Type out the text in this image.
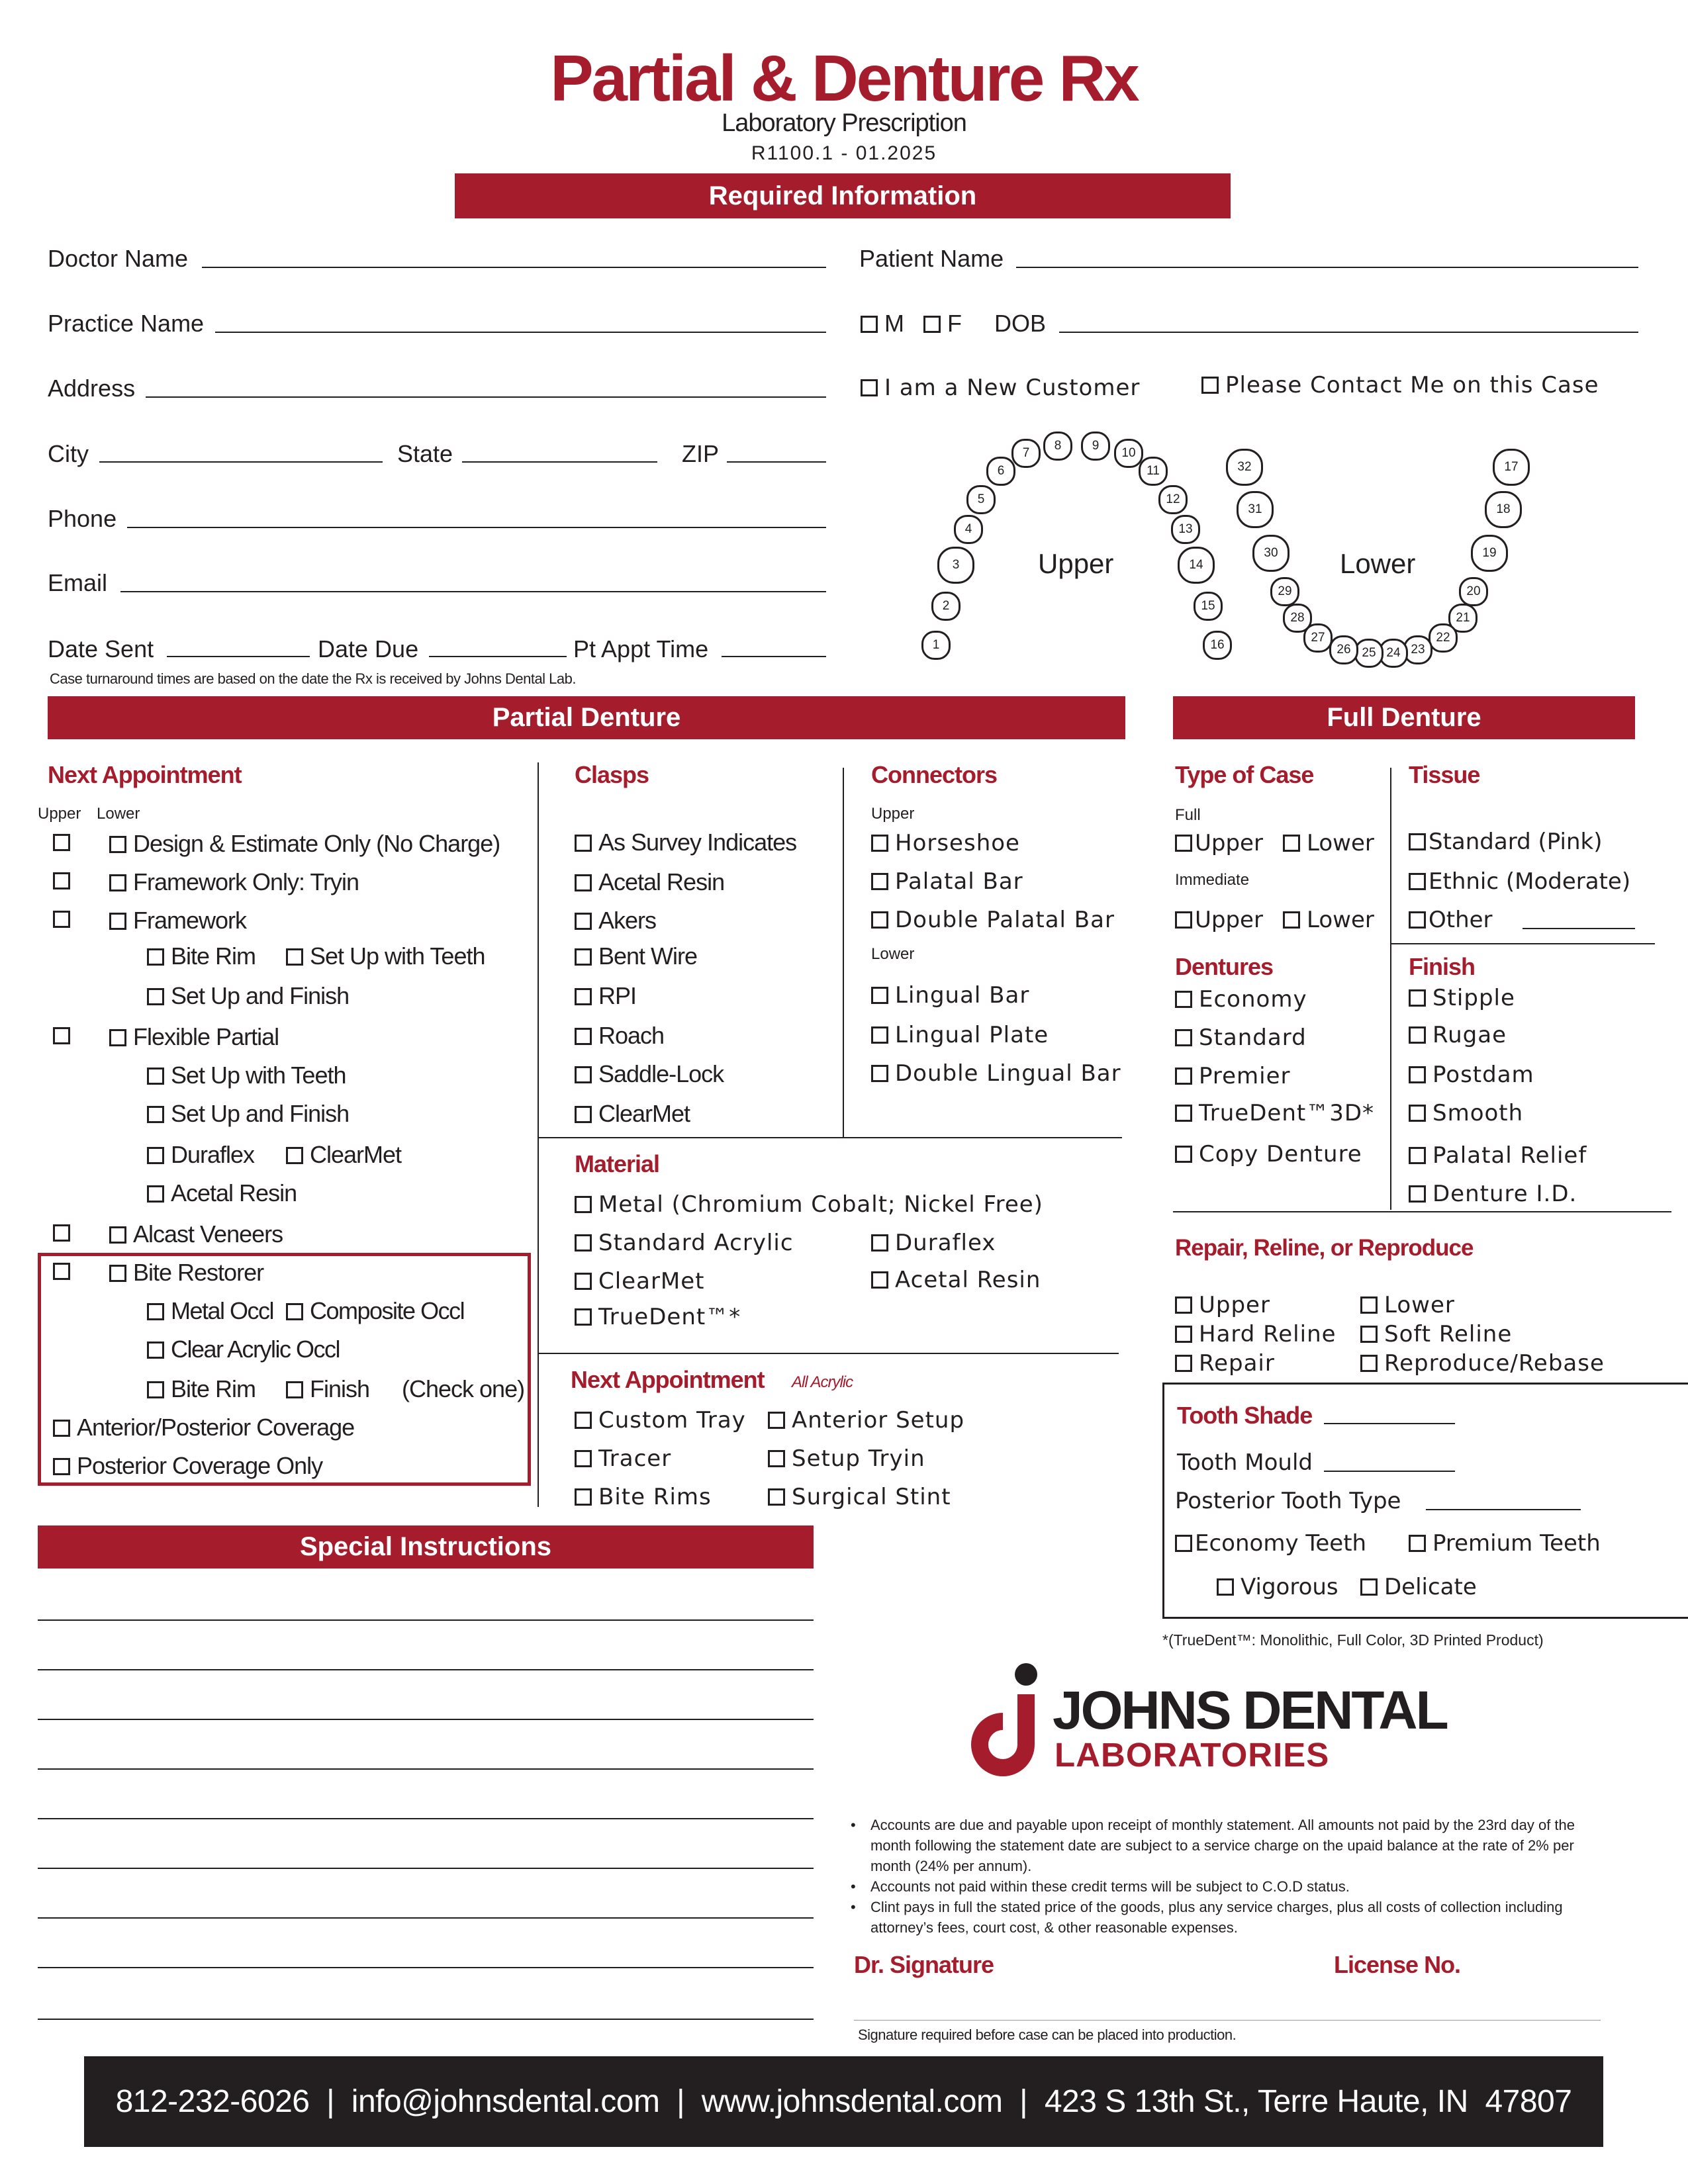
Partial & Denture Rx
Laboratory Prescription
R1100.1 - 01.2025
Required Information
Doctor Name
Practice Name
Address
City	State	ZIP
Phone
Email
Date Sent	Date Due	Pt Appt Time
Case turnaround times are based on the date the Rx is received by Johns Dental Lab.
Patient Name
M	F DOB
I am a New Customer	Please Contact Me on this Case
Upper	Lower
1
2
3
4
5
6
7
8	9
10
11
12
13
14
15
16
17
18
19
20
21
22
23
24
25
26
27
28
29
30
31
32
Partial Denture	Full Denture
Next Appointment
Upper Lower
Design & Estimate Only (No Charge)
Framework Only: Tryin
Framework
Bite Rim	Set Up with Teeth
Set Up and Finish
Flexible Partial
Set Up with Teeth
Set Up and Finish
Duraflex	ClearMet
Acetal Resin
Alcast Veneers
Bite Restorer
Metal Occl	Composite Occl
Clear Acrylic Occl
Bite Rim	Finish (Check one)
Anterior/Posterior Coverage
Posterior Coverage Only
Clasps
As Survey Indicates
Acetal Resin
Akers
Bent Wire
RPI
Roach
Saddle-Lock
ClearMet
Connectors
Upper
Horseshoe
Palatal Bar
Double Palatal Bar
Lower
Lingual Bar
Lingual Plate
Double Lingual Bar
Material
Metal (Chromium Cobalt; Nickel Free)
Standard Acrylic	Duraflex
ClearMet	Acetal Resin
TrueDent™*
Next Appointment All Acrylic
Custom Tray
Tracer
Bite Rims
Anterior Setup
Setup Tryin
Surgical Stint
Special Instructions
Type of Case
Full
Upper	Lower
Immediate
Upper	Lower
Tissue
Standard (Pink)
Ethnic (Moderate)
Other
Dentures
Economy
Standard
Premier
TrueDent™3D*
Copy Denture
Finish
Stipple
Rugae
Postdam
Smooth
Palatal Relief
Denture I.D.
Repair, Reline, or Reproduce
Upper
Hard Reline
Repair
Lower
Soft Reline
Reproduce/Rebase
Tooth Shade
Tooth Mould
Posterior Tooth Type
Economy Teeth	Premium Teeth
Vigorous	Delicate
*(TrueDent™: Monolithic, Full Color, 3D Printed Product)
JOHNS DENTAL
LABORATORIES
• Accounts are due and payable upon receipt of monthly statement. All amounts not paid by the 23rd day of the month following the statement date are subject to a service charge on the upaid balance at the rate of 2% per month (24% per annum).
• Accounts not paid within these credit terms will be subject to C.O.D status.
• Clint pays in full the stated price of the goods, plus any service charges, plus all costs of collection including attorney’s fees, court cost, & other reasonable expenses.
Dr. Signature	License No.
Signature required before case can be placed into production.
812-232-6026  |  info@johnsdental.com  |  www.johnsdental.com  |  423 S 13th St., Terre Haute, IN  47807
